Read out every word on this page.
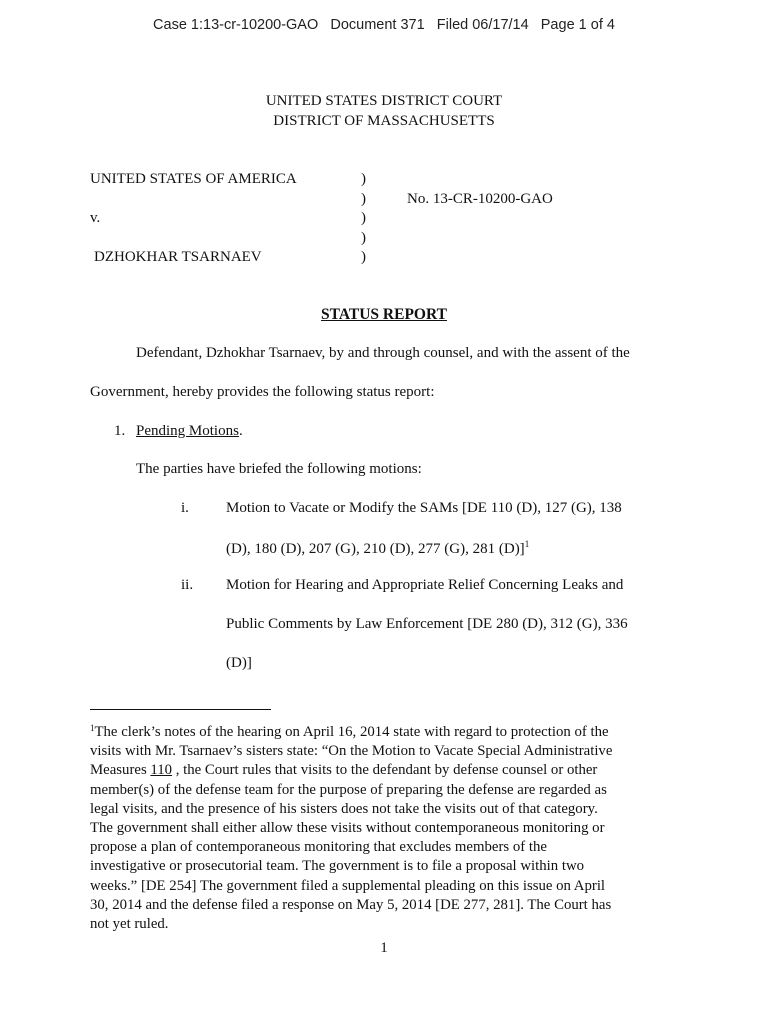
Case 1:13-cr-10200-GAO Document 371 Filed 06/17/14 Page 1 of 4
UNITED STATES DISTRICT COURT
DISTRICT OF MASSACHUSETTS
UNITED STATES OF AMERICA
v.
DZHOKHAR TSARNAEV
)
)
)
)
)
No. 13-CR-10200-GAO
STATUS REPORT
Defendant, Dzhokhar Tsarnaev, by and through counsel, and with the assent of the
Government, hereby provides the following status report:
1. Pending Motions.
The parties have briefed the following motions:
i. Motion to Vacate or Modify the SAMs [DE 110 (D), 127 (G), 138
(D), 180 (D), 207 (G), 210 (D), 277 (G), 281 (D)]$^1$
ii. Motion for Hearing and Appropriate Relief Concerning Leaks and
Public Comments by Law Enforcement [DE 280 (D), 312 (G), 336
(D)]
$^1$The clerk’s notes of the hearing on April 16, 2014 state with regard to protection of the
visits with Mr. Tsarnaev’s sisters state: “On the Motion to Vacate Special Administrative
Measures 110 , the Court rules that visits to the defendant by defense counsel or other
member(s) of the defense team for the purpose of preparing the defense are regarded as
legal visits, and the presence of his sisters does not take the visits out of that category.
The government shall either allow these visits without contemporaneous monitoring or
propose a plan of contemporaneous monitoring that excludes members of the
investigative or prosecutorial team. The government is to file a proposal within two
weeks.” [DE 254] The government filed a supplemental pleading on this issue on April
30, 2014 and the defense filed a response on May 5, 2014 [DE 277, 281]. The Court has
not yet ruled.
1
